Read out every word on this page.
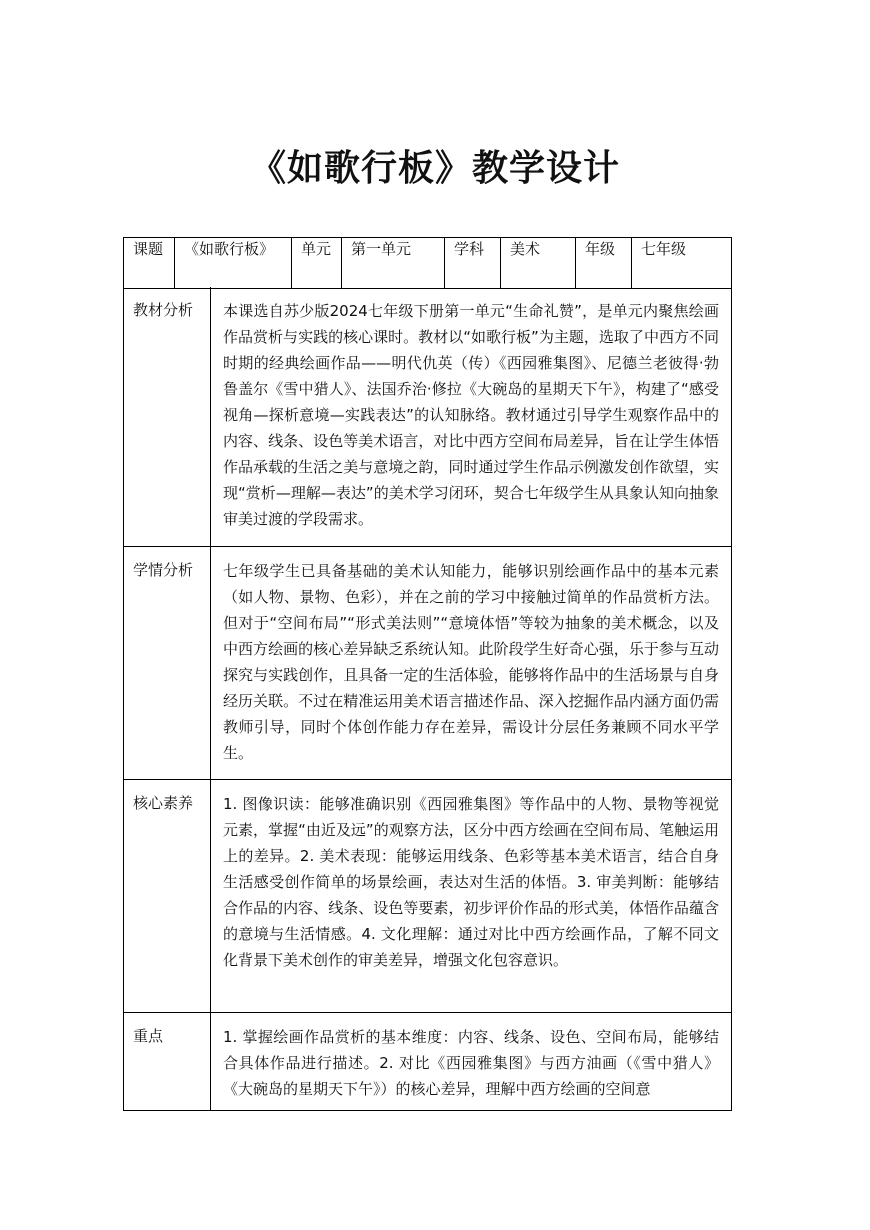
《如歌行板》教学设计
课题	《如歌行板》	单元	第一单元	学科	美术	年级	七年级
教材分析	本课选自苏少版2024七年级下册第一单元“生命礼赞”，是单元内聚焦绘画作品赏析与实践的核心课时。教材以“如歌行板”为主题，选取了中西方不同时期的经典绘画作品——明代仇英（传）《西园雅集图》、尼德兰老彼得·勃鲁盖尔《雪中猎人》、法国乔治·修拉《大碗岛的星期天下午》，构建了“感受视角—探析意境—实践表达”的认知脉络。教材通过引导学生观察作品中的内容、线条、设色等美术语言，对比中西方空间布局差异，旨在让学生体悟作品承载的生活之美与意境之韵，同时通过学生作品示例激发创作欲望，实现“赏析—理解—表达”的美术学习闭环，契合七年级学生从具象认知向抽象审美过渡的学段需求。

学情分析	七年级学生已具备基础的美术认知能力，能够识别绘画作品中的基本元素（如人物、景物、色彩），并在之前的学习中接触过简单的作品赏析方法。但对于“空间布局”“形式美法则”“意境体悟”等较为抽象的美术概念，以及中西方绘画的核心差异缺乏系统认知。此阶段学生好奇心强，乐于参与互动探究与实践创作，且具备一定的生活体验，能够将作品中的生活场景与自身经历关联。不过在精准运用美术语言描述作品、深入挖掘作品内涵方面仍需教师引导，同时个体创作能力存在差异，需设计分层任务兼顾不同水平学生。

核心素养	1. 图像识读：能够准确识别《西园雅集图》等作品中的人物、景物等视觉元素，掌握“由近及远”的观察方法，区分中西方绘画在空间布局、笔触运用上的差异。2. 美术表现：能够运用线条、色彩等基本美术语言，结合自身生活感受创作简单的场景绘画，表达对生活的体悟。3. 审美判断：能够结合作品的内容、线条、设色等要素，初步评价作品的形式美，体悟作品蕴含的意境与生活情感。4. 文化理解：通过对比中西方绘画作品，了解不同文化背景下美术创作的审美差异，增强文化包容意识。

重点	1. 掌握绘画作品赏析的基本维度：内容、线条、设色、空间布局，能够结合具体作品进行描述。2. 对比《西园雅集图》与西方油画（《雪中猎人》《大碗岛的星期天下午》）的核心差异，理解中西方绘画的空间意
